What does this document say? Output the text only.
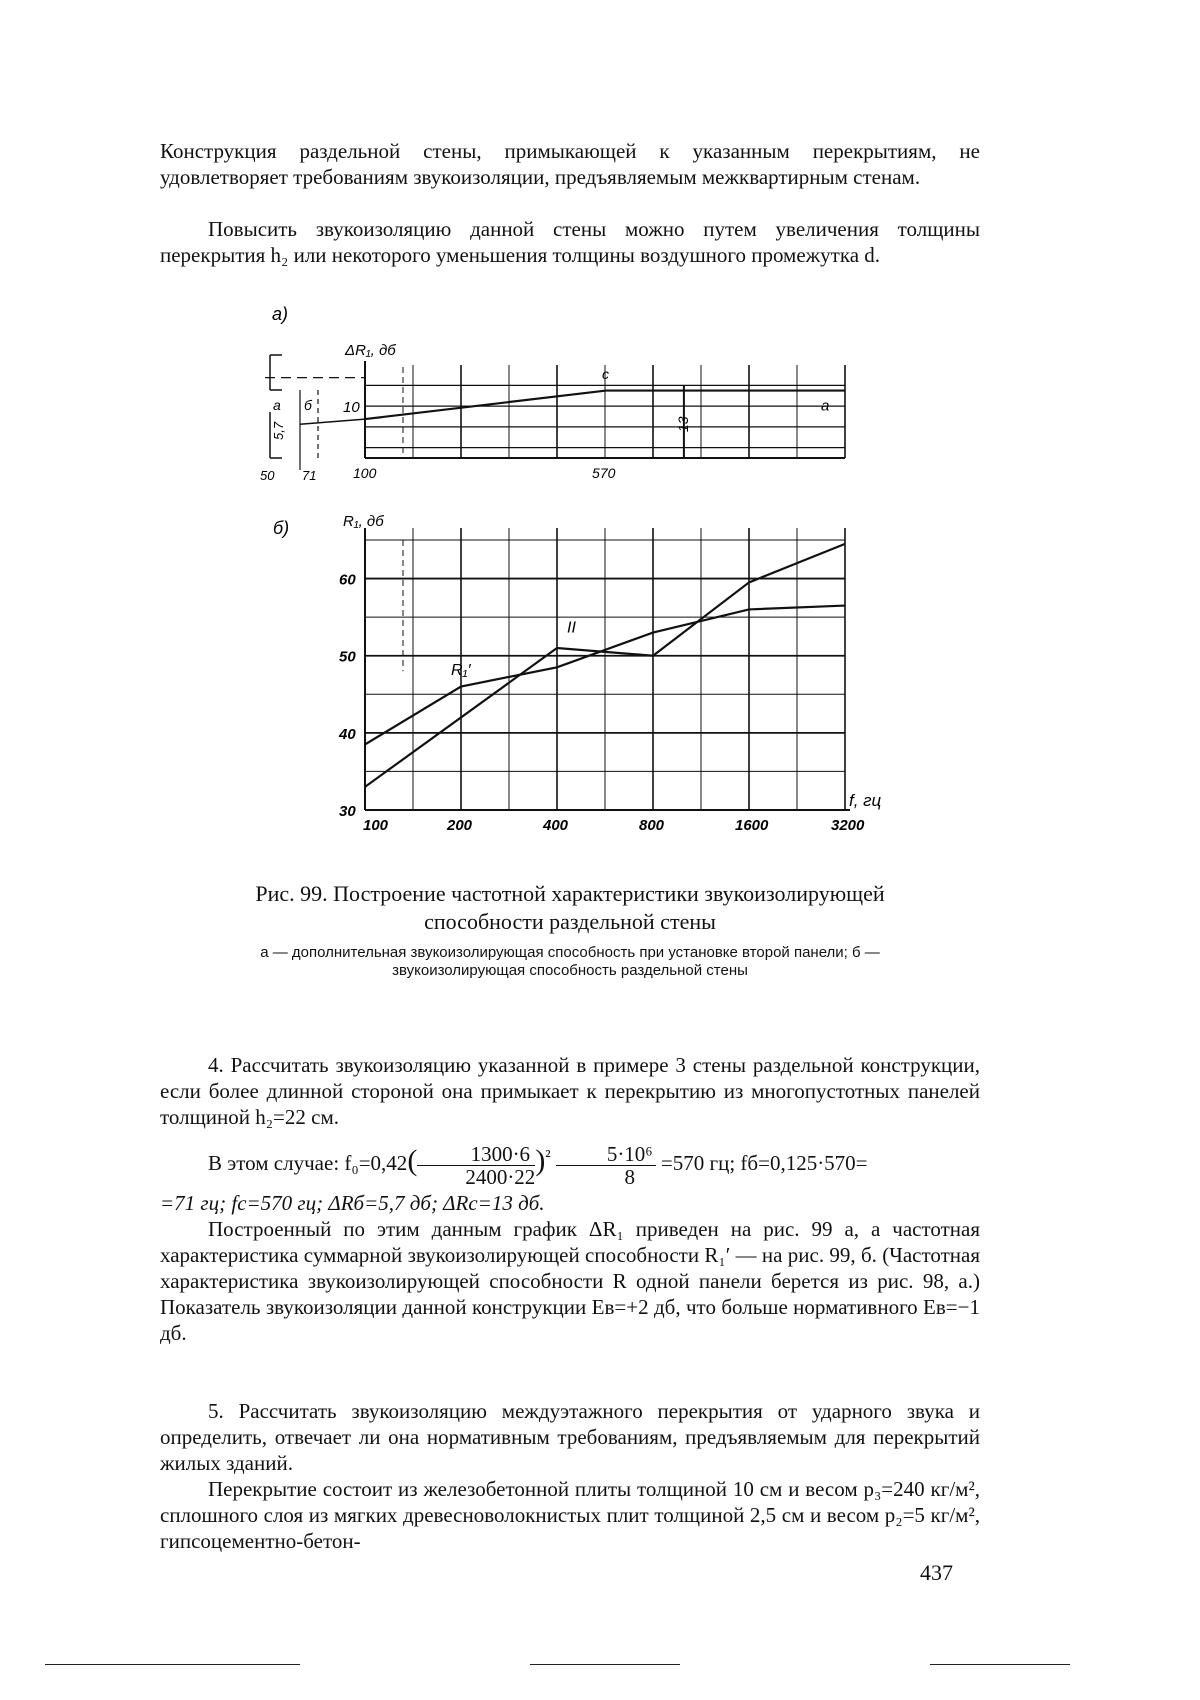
Конструкция раздельной стены, примыкающей к указанным перекрытиям, не удовлетворяет требованиям звукоизоляции, предъявляемым межквартирным стенам.

Повысить звукоизоляцию данной стены можно путем увеличения толщины перекрытия h₂ или некоторого уменьшения толщины воздушного промежутка d.

13
100	570
10
ΔR₁, дб
а)
с
а
а б
5,7
50 71
100	200	400	800	1600	3200
30
40
50
60
R₁, дб
f, гц
б)
R₁′
II

Рис. 99. Построение частотной характеристики звукоизолирующей способности раздельной стены

а — дополнительная звукоизолирующая способность при установке второй панели; б — звукоизолирующая способность раздельной стены

4. Рассчитать звукоизоляцию указанной в примере 3 стены раздельной конструкции, если более длинной стороной она примыкает к перекрытию из многопустотных панелей толщиной h₂=22 см.

В этом случае: $f_0=0,42( \frac{1300\cdot 6}{2400\cdot 22} )^{^2} \frac{\text{5·10⁶}}{8} =570$ гц; fб=0,125·570=

=71 гц; fс=570 гц; ΔRб=5,7 дб; ΔRс=13 дб.

Построенный по этим данным график ΔR₁ приведен на рис. 99 а, а частотная характеристика суммарной звукоизолирующей способности R₁′ — на рис. 99, б. (Частотная характеристика звукоизолирующей способности R одной панели берется из рис. 98, а.) Показатель звукоизоляции данной конструкции Eв=+2 дб, что больше нормативного Eв=−1 дб.

5. Рассчитать звукоизоляцию междуэтажного перекрытия от ударного звука и определить, отвечает ли она нормативным требованиям, предъявляемым для перекрытий жилых зданий.

Перекрытие состоит из железобетонной плиты толщиной 10 см и весом p₃=240 кг/м², сплошного слоя из мягких древесноволокнистых плит толщиной 2,5 см и весом p₂=5 кг/м², гипсоцементно-бетон-

437
